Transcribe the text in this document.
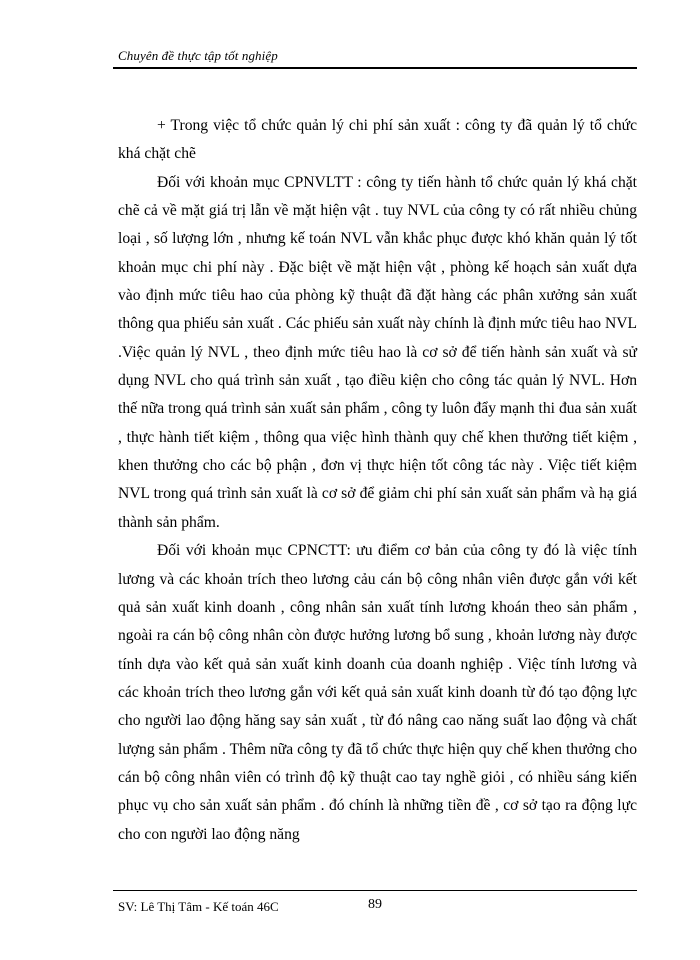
Chuyên đề thực tập tốt nghiệp

+ Trong việc tổ chức quản lý chi phí sản xuất : công ty đã quản lý tổ chức khá chặt chẽ

Đối với khoản mục CPNVLTT : công ty tiến hành tổ chức quản lý khá chặt chẽ cả về mặt giá trị lẫn về mặt hiện vật . tuy NVL của công ty có rất nhiều chủng loại , số lượng lớn , nhưng kế toán NVL vẫn khắc phục được khó khăn quản lý tốt khoản mục chi phí này . Đặc biệt về mặt hiện vật , phòng kế hoạch sản xuất dựa vào định mức tiêu hao của phòng kỹ thuật đã đặt hàng các phân xưởng sản xuất thông qua phiếu sản xuất . Các phiếu sản xuất này chính là định mức tiêu hao NVL .Việc quản lý NVL , theo định mức tiêu hao là cơ sở để tiến hành sản xuất và sử dụng NVL cho quá trình sản xuất , tạo điều kiện cho công tác quản lý NVL. Hơn thế nữa trong quá trình sản xuất sản phẩm , công ty luôn đẩy mạnh thi đua sản xuất , thực hành tiết kiệm , thông qua việc hình thành quy chế khen thưởng tiết kiệm , khen thưởng cho các bộ phận , đơn vị thực hiện tốt công tác này . Việc tiết kiệm NVL trong quá trình sản xuất là cơ sở để giảm chi phí sản xuất sản phẩm và hạ giá thành sản phẩm.

Đối với khoản mục CPNCTT: ưu điểm cơ bản của công ty đó là việc tính lương và các khoản trích theo lương cảu cán bộ công nhân viên được gắn với kết quả sản xuất kinh doanh , công nhân sản xuất tính lương khoán theo sản phẩm , ngoài ra cán bộ công nhân còn được hưởng lương bổ sung , khoản lương này được tính dựa vào kết quả sản xuất kinh doanh của doanh nghiệp . Việc tính lương và các khoản trích theo lương gắn với kết quả sản xuất kinh doanh từ đó tạo động lực cho người lao động hăng say sản xuất , từ đó nâng cao năng suất lao động và chất lượng sản phẩm . Thêm nữa công ty đã tổ chức thực hiện quy chế khen thưởng cho cán bộ công nhân viên có trình độ kỹ thuật cao tay nghề giỏi , có nhiều sáng kiến phục vụ cho sản xuất sản phẩm . đó chính là những tiền đề , cơ sở tạo ra động lực cho con người lao động năng

SV: Lê Thị Tâm - Kế toán 46C	89
